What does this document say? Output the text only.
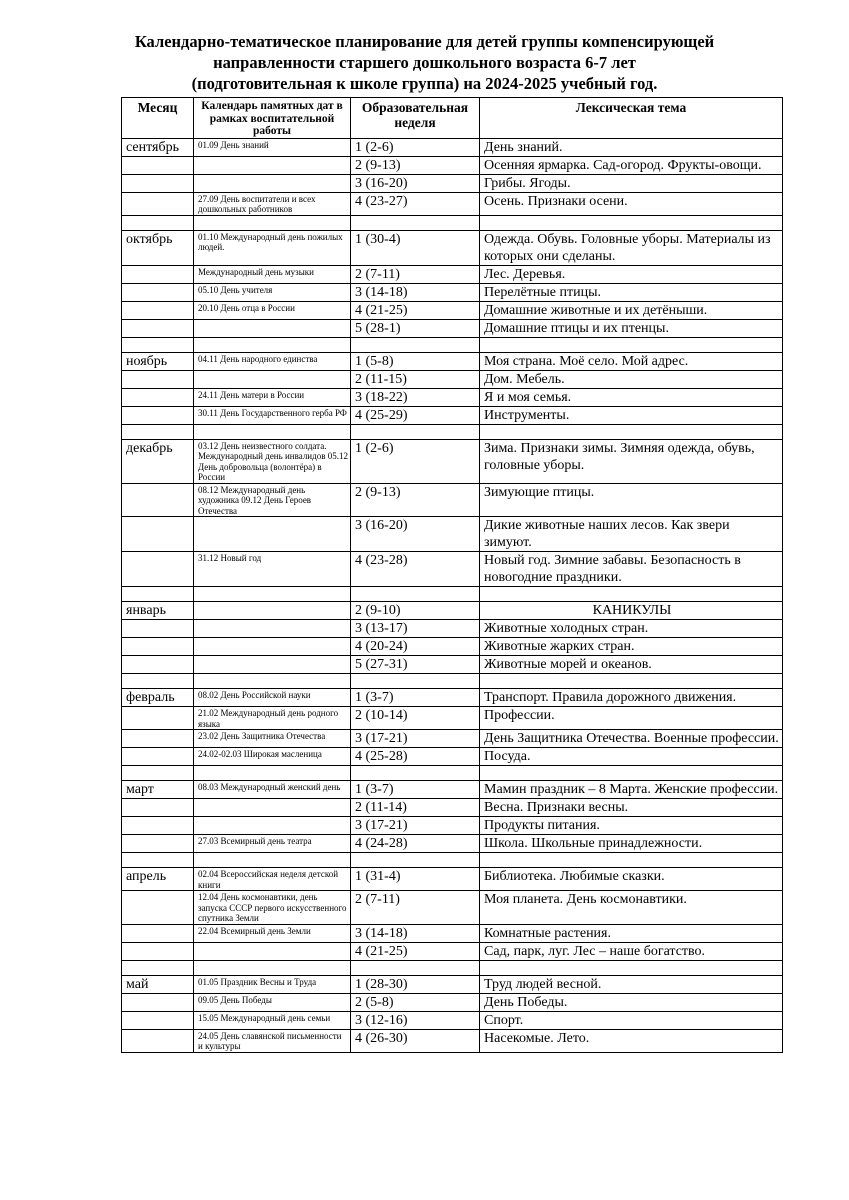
Календарно-тематическое планирование для детей группы компенсирующей
направленности старшего дошкольного возраста 6-7 лет
(подготовительная к школе группа) на 2024-2025 учебный год.
Месяц	Календарь памятных дат в рамках воспитательной работы	Образовательная неделя	Лексическая тема
сентябрь	01.09 День знаний	1 (2-6)	День знаний.
		2 (9-13)	Осенняя ярмарка. Сад-огород. Фрукты-овощи.
		3 (16-20)	Грибы. Ягоды.
	27.09 День воспитатели и всех дошкольных работников	4 (23-27)	Осень. Признаки осени.

октябрь	01.10 Международный день пожилых людей.	1 (30-4)	Одежда. Обувь. Головные уборы. Материалы из которых они сделаны.
	Международный день музыки	2 (7-11)	Лес. Деревья.
	05.10 День учителя	3 (14-18)	Перелётные птицы.
	20.10 День отца в России	4 (21-25)	Домашние животные и их детёныши.
		5 (28-1)	Домашние птицы и их птенцы.

ноябрь	04.11 День народного единства	1 (5-8)	Моя страна. Моё село. Мой адрес.
		2 (11-15)	Дом. Мебель.
	24.11 День матери в России	3 (18-22)	Я и моя семья.
	30.11 День Государственного герба РФ	4 (25-29)	Инструменты.

декабрь	03.12 День неизвестного солдата. Международный день инвалидов 05.12 День добровольца (волонтёра) в России	1 (2-6)	Зима. Признаки зимы. Зимняя одежда, обувь, головные уборы.
	08.12 Международный день художника 09.12 День Героев Отечества	2 (9-13)	Зимующие птицы.
		3 (16-20)	Дикие животные наших лесов. Как звери зимуют.
	31.12 Новый год	4 (23-28)	Новый год. Зимние забавы. Безопасность в новогодние праздники.

январь		2 (9-10)	КАНИКУЛЫ
		3 (13-17)	Животные холодных стран.
		4 (20-24)	Животные жарких стран.
		5 (27-31)	Животные морей и океанов.

февраль	08.02 День Российской науки	1 (3-7)	Транспорт. Правила дорожного движения.
	21.02 Международный день родного языка	2 (10-14)	Профессии.
	23.02 День Защитника Отечества	3 (17-21)	День Защитника Отечества. Военные профессии.
	24.02-02.03 Широкая масленица	4 (25-28)	Посуда.

март	08.03 Международный женский день	1 (3-7)	Мамин праздник – 8 Марта. Женские профессии.
		2 (11-14)	Весна. Признаки весны.
		3 (17-21)	Продукты питания.
	27.03 Всемирный день театра	4 (24-28)	Школа. Школьные принадлежности.

апрель	02.04 Всероссийская неделя детской книги	1 (31-4)	Библиотека. Любимые сказки.
	12.04 День космонавтики, день запуска СССР первого искусственного спутника Земли	2 (7-11)	Моя планета. День космонавтики.
	22.04 Всемирный день Земли	3 (14-18)	Комнатные растения.
		4 (21-25)	Сад, парк, луг. Лес – наше богатство.

май	01.05 Праздник Весны и Труда	1 (28-30)	Труд людей весной.
	09.05 День Победы	2 (5-8)	День Победы.
	15.05 Международный день семьи	3 (12-16)	Спорт.
	24.05 День славянской письменности и культуры	4 (26-30)	Насекомые. Лето.
